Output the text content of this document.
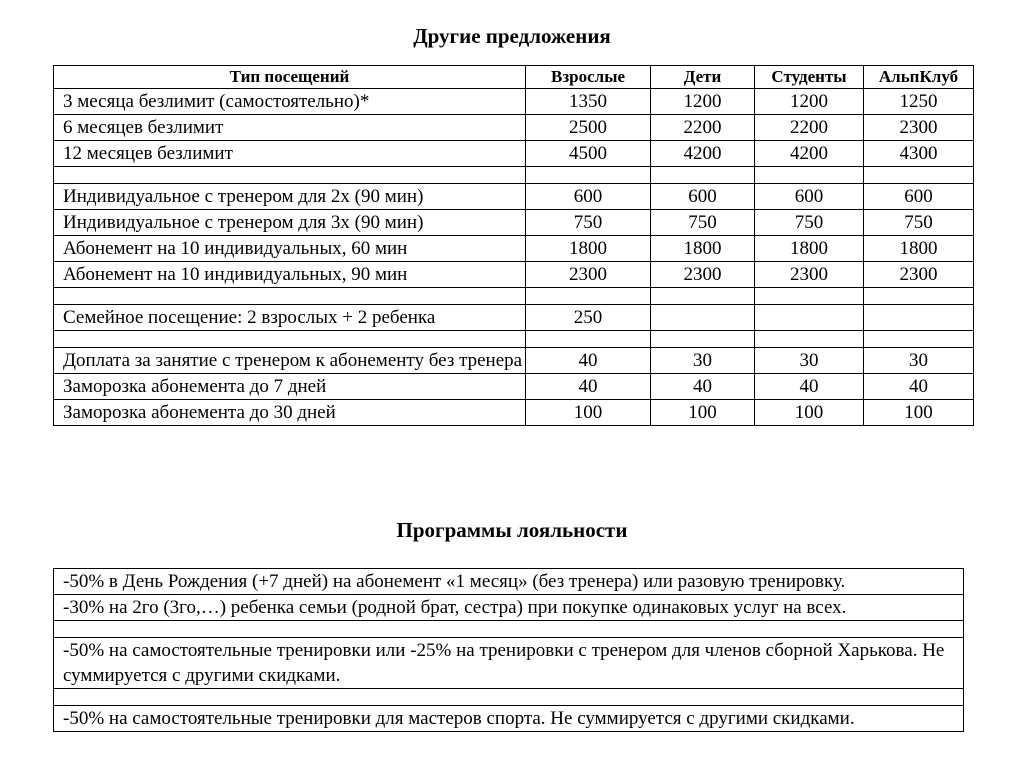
Другие предложения
Тип посещений	Взрослые	Дети	Студенты	АльпКлуб
3 месяца безлимит (самостоятельно)*	1350	1200	1200	1250
6 месяцев безлимит	2500	2200	2200	2300
12 месяцев безлимит	4500	4200	4200	4300

Индивидуальное с тренером для 2х (90 мин)	600	600	600	600
Индивидуальное с тренером для 3х (90 мин)	750	750	750	750
Абонемент на 10 индивидуальных, 60 мин	1800	1800	1800	1800
Абонемент на 10 индивидуальных, 90 мин	2300	2300	2300	2300

Семейное посещение: 2 взрослых + 2 ребенка	250			

Доплата за занятие с тренером к абонементу без тренера	40	30	30	30
Заморозка абонемента до 7 дней	40	40	40	40
Заморозка абонемента до 30 дней	100	100	100	100
Программы лояльности
-50% в День Рождения (+7 дней) на абонемент «1 месяц» (без тренера) или разовую тренировку.
-30% на 2го (3го,…) ребенка семьи (родной брат, сестра) при покупке одинаковых услуг на всех.

-50% на самостоятельные тренировки или -25% на тренировки с тренером для членов сборной Харькова. Не суммируется с другими скидками.

-50% на самостоятельные тренировки для мастеров спорта. Не суммируется с другими скидками.
